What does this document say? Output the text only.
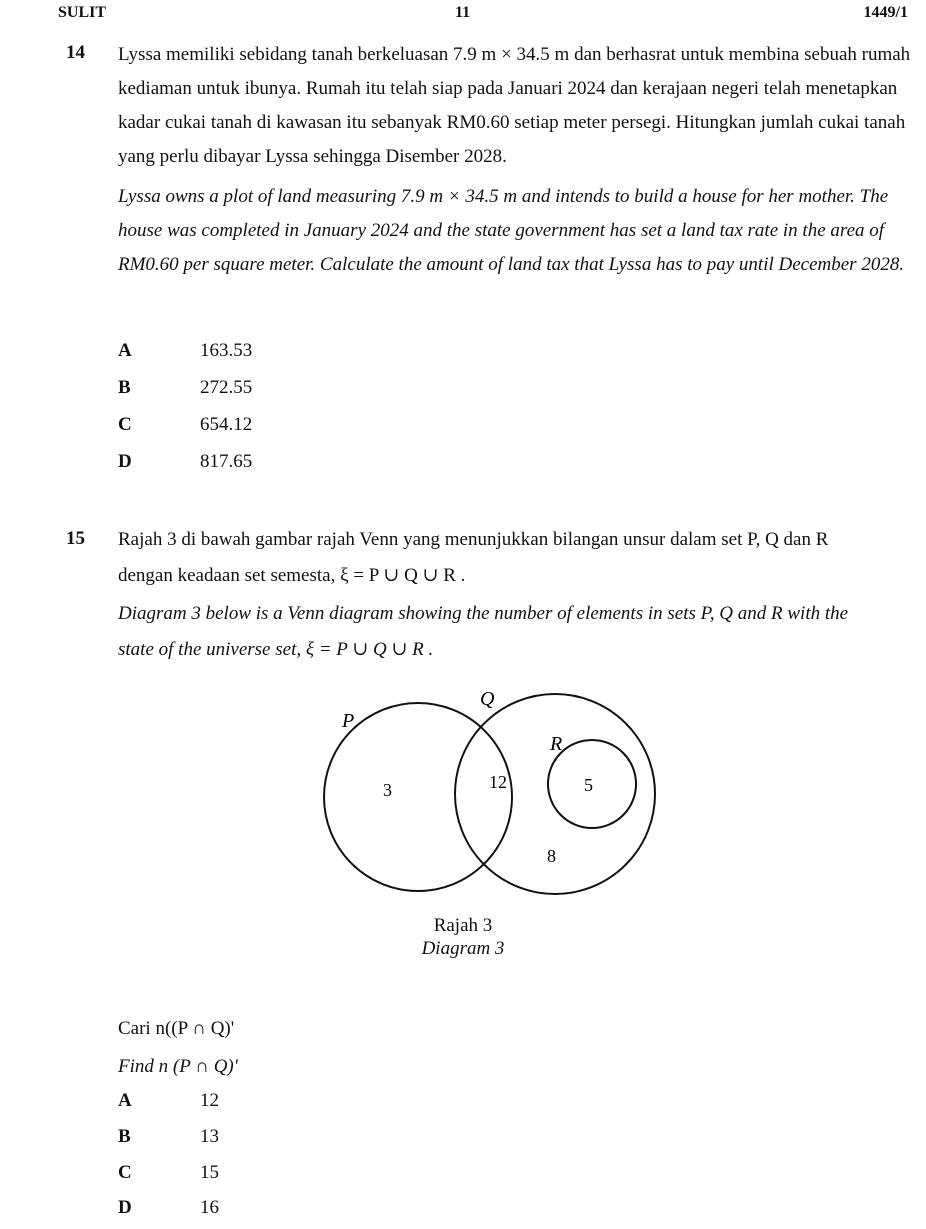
SULIT	11	1449/1
14 Lyssa memiliki sebidang tanah berkeluasan 7.9 m × 34.5 m dan berhasrat untuk membina sebuah rumah kediaman untuk ibunya. Rumah itu telah siap pada Januari 2024 dan kerajaan negeri telah menetapkan kadar cukai tanah di kawasan itu sebanyak RM0.60 setiap meter persegi. Hitungkan jumlah cukai tanah yang perlu dibayar Lyssa sehingga Disember 2028.
Lyssa owns a plot of land measuring 7.9 m × 34.5 m and intends to build a house for her mother. The house was completed in January 2024 and the state government has set a land tax rate in the area of RM0.60 per square meter. Calculate the amount of land tax that Lyssa has to pay until December 2028.
A	163.53
B	272.55
C	654.12
D	817.65
15 Rajah 3 di bawah gambar rajah Venn yang menunjukkan bilangan unsur dalam set P, Q dan R
dengan keadaan set semesta, ξ = P ∪ Q ∪ R .
Diagram 3 below is a Venn diagram showing the number of elements in sets P, Q and R with the
state of the universe set, ξ = P ∪ Q ∪ R .
P
Q
R
3	12	5
8
Rajah 3
Diagram 3
Cari n((P ∩ Q)'
Find n (P ∩ Q)'
A	12
B	13
C	15
D	16
